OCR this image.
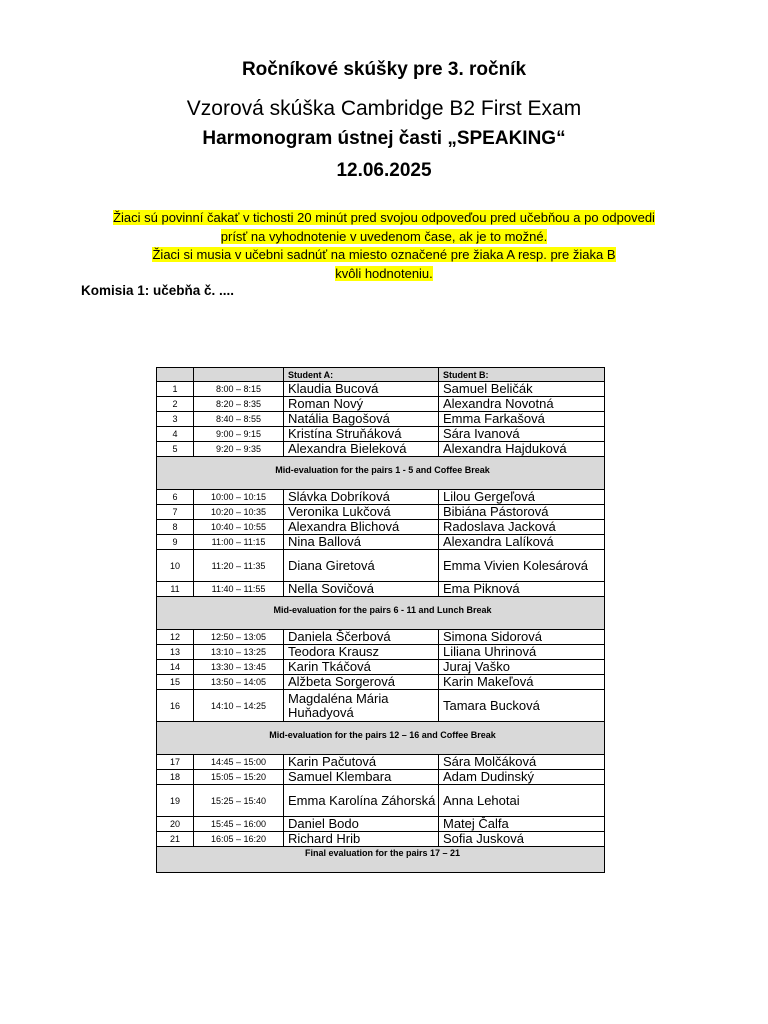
Ročníkové skúšky pre 3. ročník
Vzorová skúška Cambridge B2 First Exam
Harmonogram ústnej časti „SPEAKING“
12.06.2025
Žiaci sú povinní čakať v tichosti 20 minút pred svojou odpoveďou pred učebňou a po odpovedi
prísť na vyhodnotenie v uvedenom čase, ak je to možné.
Žiaci si musia v učebni sadnúť na miesto označené pre žiaka A resp. pre žiaka B
kvôli hodnoteniu.
Komisia 1: učebňa č. ....
		Student A:	Student B:
1	8:00 – 8:15	Klaudia Bucová	Samuel Beličák
2	8:20 – 8:35	Roman Nový	Alexandra Novotná
3	8:40 – 8:55	Natália Bagošová	Emma Farkašová
4	9:00 – 9:15	Kristína Struňáková	Sára Ivanová
5	9:20 – 9:35	Alexandra Bieleková	Alexandra Hajduková
Mid-evaluation for the pairs 1 - 5 and Coffee Break			
6	10:00 – 10:15	Slávka Dobríková	Lilou Gergeľová
7	10:20 – 10:35	Veronika Lukčová	Bibiána Pástorová
8	10:40 – 10:55	Alexandra Blichová	Radoslava Jacková
9	11:00 – 11:15	Nina Ballová	Alexandra Lalíková
10	11:20 – 11:35	Diana Giretová	Emma Vivien Kolesárová
11	11:40 – 11:55	Nella Sovičová	Ema Piknová
Mid-evaluation for the pairs 6 - 11 and Lunch Break			
12	12:50 – 13:05	Daniela Ščerbová	Simona Sidorová
13	13:10 – 13:25	Teodora Krausz	Liliana Uhrinová
14	13:30 – 13:45	Karin Tkáčová	Juraj Vaško
15	13:50 – 14:05	Alžbeta Sorgerová	Karin Makeľová
16	14:10 – 14:25	Magdaléna Mária Huňadyová	Tamara Bucková
Mid-evaluation for the pairs 12 – 16 and Coffee Break			
17	14:45 – 15:00	Karin Pačutová	Sára Molčáková
18	15:05 – 15:20	Samuel Klembara	Adam Dudinský
19	15:25 – 15:40	Emma Karolína Záhorská	Anna Lehotai
20	15:45 – 16:00	Daniel Bodo	Matej Čalfa
21	16:05 – 16:20	Richard Hrib	Sofia Jusková
Final evaluation for the pairs 17 – 21			
